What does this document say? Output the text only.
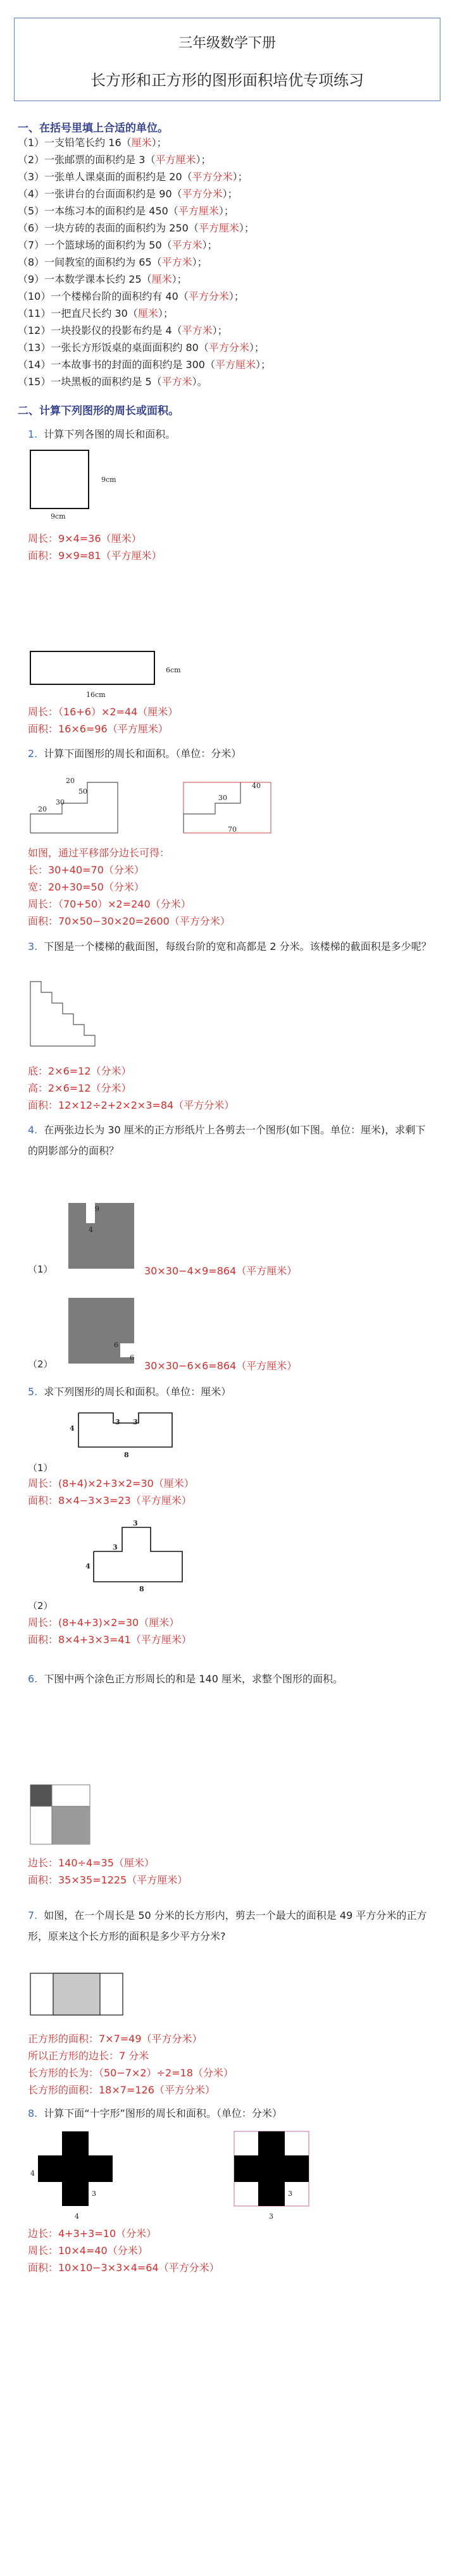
三年级数学下册
长方形和正方形的图形面积培优专项练习
一、在括号里填上合适的单位。
（1）一支铅笔长约 16（厘米）；
（2）一张邮票的面积约是 3（平方厘米）；
（3）一张单人课桌面的面积约是 20（平方分米）；
（4）一张讲台的台面面积约是 90（平方分米）；
（5）一本练习本的面积约是 450（平方厘米）；
（6）一块方砖的表面的面积约为 250（平方厘米）；
（7）一个篮球场的面积约为 50（平方米）；
（8）一间教室的面积约为 65（平方米）；
（9）一本数学课本长约 25（厘米）；
（10）一个楼梯台阶的面积约有 40（平方分米）；
（11）一把直尺长约 30（厘米）；
（12）一块投影仪的投影布约是 4（平方米）；
（13）一张长方形饭桌的桌面面积约 80（平方分米）；
（14）一本故事书的封面的面积约是 300（平方厘米）；
（15）一块黑板的面积约是 5（平方米）。
二、计算下列图形的周长或面积。
1. 计算下列各图的周长和面积。
9cm
9cm
周长：9×4=36（厘米）
面积：9×9=81（平方厘米）
6cm
16cm
周长：（16+6）×2=44（厘米）
面积：16×6=96（平方厘米）
2. 计算下面图形的周长和面积。（单位：分米）
20
30
50
20
30
40
70
如图，通过平移部分边长可得：
长：30+40=70（分米）
宽：20+30=50（分米）
周长：（70+50）×2=240（分米）
面积：70×50−30×20=2600（平方分米）
3. 下图是一个楼梯的截面图，每级台阶的宽和高都是 2 分米。该楼梯的截面积是多少呢？
底：2×6=12（分米）
高：2×6=12（分米）
面积：12×12÷2+2×2×3=84（平方分米）
4. 在两张边长为 30 厘米的正方形纸片上各剪去一个图形(如下图。单位：厘米)，求剩下的阴影部分的面积？
9
4
（1）	30×30−4×9=864（平方厘米）
6
6
（2）	30×30−6×6=864（平方厘米）
5. 求下列图形的周长和面积。（单位：厘米）
4
3 3
8
（1）
周长：(8+4)×2+3×2=30（厘米）
面积：8×4−3×3=23（平方厘米）
3
4
3
8
（2）
周长：(8+4+3)×2=30（厘米）
面积：8×4+3×3=41（平方厘米）
6. 下图中两个涂色正方形周长的和是 140 厘米，求整个图形的面积。
边长：140÷4=35（厘米）
面积：35×35=1225（平方厘米）
7. 如图，在一个周长是 50 分米的长方形内，剪去一个最大的面积是 49 平方分米的正方形，原来这个长方形的面积是多少平方分米?
正方形的面积：7×7=49（平方分米）
所以正方形的边长：7 分米
长方形的长为：（50−7×2）÷2=18（分米）
长方形的面积：18×7=126（平方分米）
8. 计算下面“十字形”图形的周长和面积。（单位：分米）
4
3
4
3
3
边长：4+3+3=10（分米）
周长：10×4=40（分米）
面积：10×10−3×3×4=64（平方分米）
